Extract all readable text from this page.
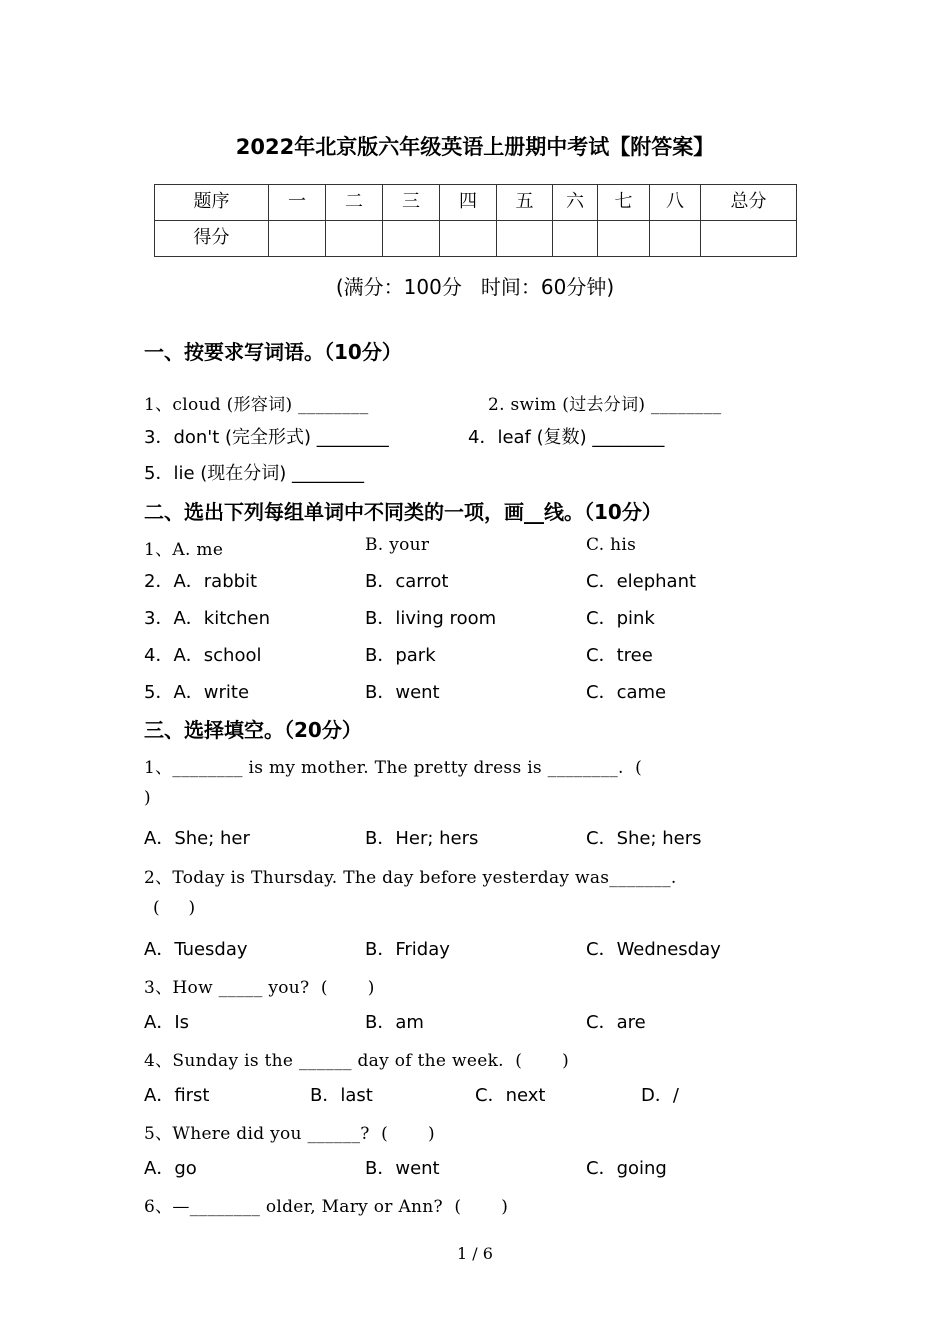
2022年北京版六年级英语上册期中考试【附答案】
题序	一	二	三	四	五	六	七	八	总分
得分									
(满分：100分   时间：60分钟)
一、按要求写词语。（10分）
1、cloud (形容词) ________	2. swim (过去分词) ________
3．don't (完全形式) ________	4．leaf (复数) ________
5．lie (现在分词) ________
二、选出下列每组单词中不同类的一项，画__线。（10分）
1、A. me	B. your	C. his
2．A．rabbit	B．carrot	C．elephant
3．A．kitchen	B．living room	C．pink
4．A．school	B．park	C．tree
5．A．write	B．went	C．came
三、选择填空。（20分）
1、________ is my mother. The pretty dress is ________.  (
)
A．She; her	B．Her; hers	C．She; hers
2、Today is Thursday. The day before yesterday was_______.
(     )
A．Tuesday	B．Friday	C．Wednesday
3、How _____ you?  (       )
A．Is	B．am	C．are
4、Sunday is the ______ day of the week.  (       )
A．first	B．last	C．next	D．/
5、Where did you ______?  (       )
A．go	B．went	C．going
6、—________ older, Mary or Ann?  (       )
1 / 6
